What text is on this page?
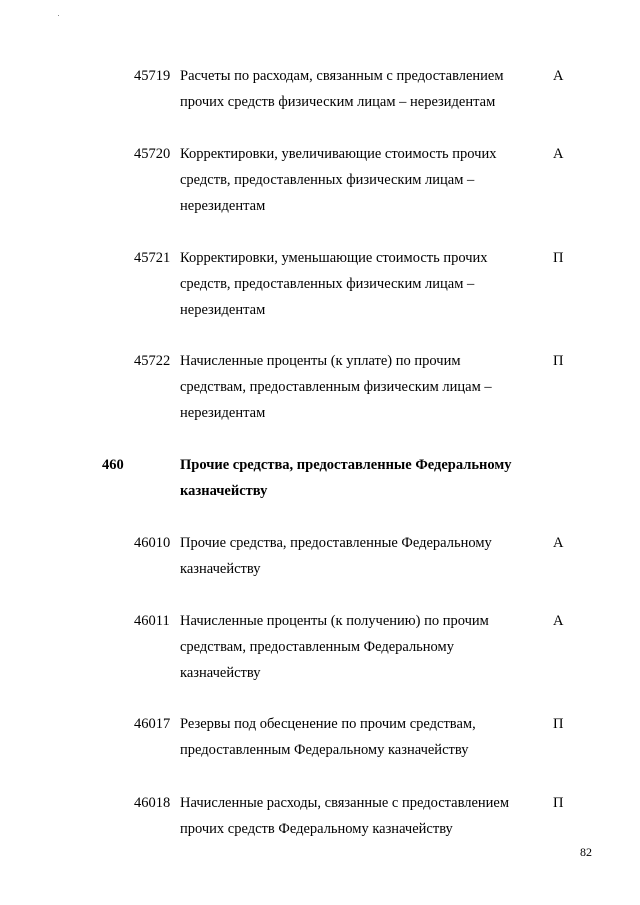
45719 Расчеты по расходам, связанным с предоставлением
прочих средств физическим лицам – нерезидентам
А
45720 Корректировки, увеличивающие стоимость прочих
средств, предоставленных физическим лицам –
нерезидентам
А
45721 Корректировки, уменьшающие стоимость прочих
средств, предоставленных физическим лицам –
нерезидентам
П
45722 Начисленные проценты (к уплате) по прочим
средствам, предоставленным физическим лицам –
нерезидентам
П
460	Прочие средства, предоставленные Федеральному
казначейству
46010 Прочие средства, предоставленные Федеральному
казначейству
А
46011 Начисленные проценты (к получению) по прочим
средствам, предоставленным Федеральному
казначейству
А
46017 Резервы под обесценение по прочим средствам,
предоставленным Федеральному казначейству
П
46018 Начисленные расходы, связанные с предоставлением
прочих средств Федеральному казначейству
П
82
